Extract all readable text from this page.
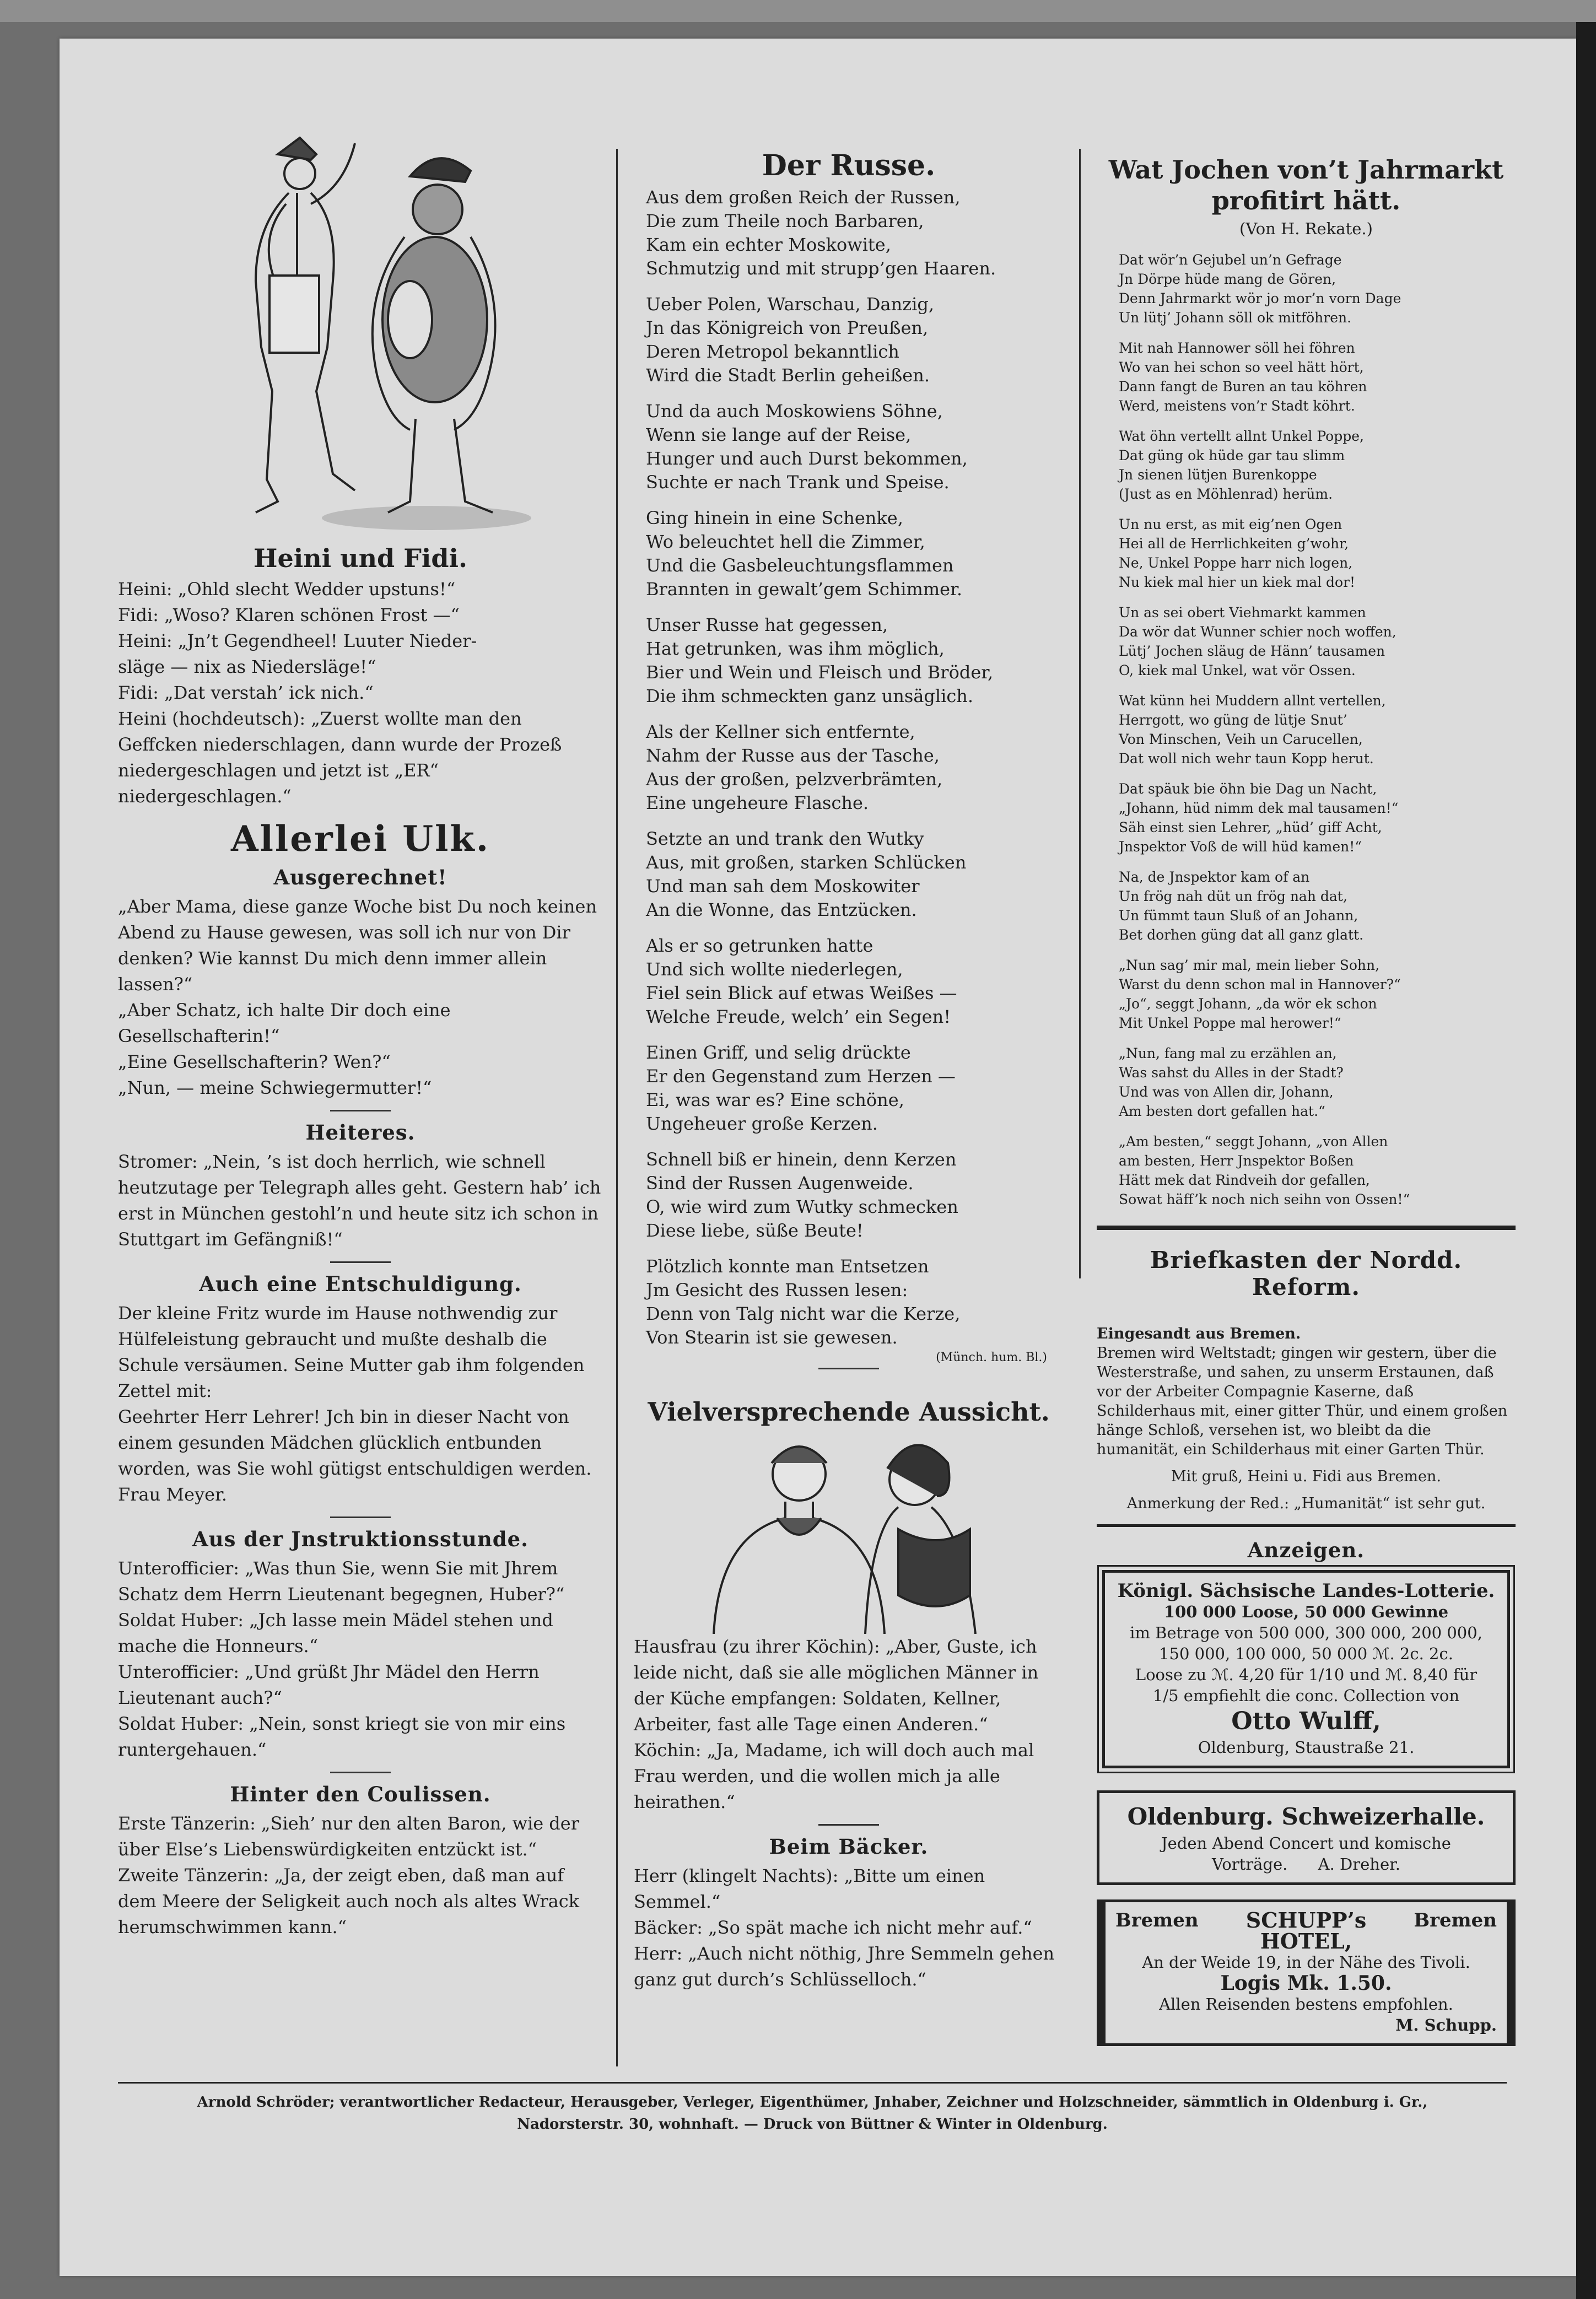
Heini und Fidi.

Heini: „Ohld slecht Wedder upstuns!“
Fidi: „Woso? Klaren schönen Frost —“
Heini: „Jn’t Gegendheel! Luuter Nieder-
släge — nix as Niedersläge!“
Fidi: „Dat verstah’ ick nich.“
Heini (hochdeutsch): „Zuerst wollte man den Geffcken niederschlagen, dann wurde der Prozeß niedergeschlagen und jetzt ist „ER“ niedergeschlagen.“

Allerlei Ulk.

Ausgerechnet!

„Aber Mama, diese ganze Woche bist Du noch keinen Abend zu Hause gewesen, was soll ich nur von Dir denken? Wie kannst Du mich denn immer allein lassen?“
„Aber Schatz, ich halte Dir doch eine Gesellschafterin!“
„Eine Gesellschafterin? Wen?“
„Nun, — meine Schwiegermutter!“

Heiteres.

Stromer: „Nein, ’s ist doch herrlich, wie schnell heutzutage per Telegraph alles geht. Gestern hab’ ich erst in München gestohl’n und heute sitz ich schon in Stuttgart im Gefängniß!“

Auch eine Entschuldigung.

Der kleine Fritz wurde im Hause nothwendig zur Hülfeleistung gebraucht und mußte deshalb die Schule versäumen. Seine Mutter gab ihm folgenden Zettel mit:
Geehrter Herr Lehrer! Jch bin in dieser Nacht von einem gesunden Mädchen glücklich entbunden worden, was Sie wohl gütigst entschuldigen werden. Frau Meyer.

Aus der Jnstruktionsstunde.

Unterofficier: „Was thun Sie, wenn Sie mit Jhrem Schatz dem Herrn Lieutenant begegnen, Huber?“
Soldat Huber: „Jch lasse mein Mädel stehen und mache die Honneurs.“
Unterofficier: „Und grüßt Jhr Mädel den Herrn Lieutenant auch?“
Soldat Huber: „Nein, sonst kriegt sie von mir eins runtergehauen.“

Hinter den Coulissen.

Erste Tänzerin: „Sieh’ nur den alten Baron, wie der über Else’s Liebenswürdigkeiten entzückt ist.“
Zweite Tänzerin: „Ja, der zeigt eben, daß man auf dem Meere der Seligkeit auch noch als altes Wrack herumschwimmen kann.“

Der Russe.

Aus dem großen Reich der Russen,
Die zum Theile noch Barbaren,
Kam ein echter Moskowite,
Schmutzig und mit strupp’gen Haaren.

Ueber Polen, Warschau, Danzig,
Jn das Königreich von Preußen,
Deren Metropol bekanntlich
Wird die Stadt Berlin geheißen.

Und da auch Moskowiens Söhne,
Wenn sie lange auf der Reise,
Hunger und auch Durst bekommen,
Suchte er nach Trank und Speise.

Ging hinein in eine Schenke,
Wo beleuchtet hell die Zimmer,
Und die Gasbeleuchtungsflammen
Brannten in gewalt’gem Schimmer.

Unser Russe hat gegessen,
Hat getrunken, was ihm möglich,
Bier und Wein und Fleisch und Bröder,
Die ihm schmeckten ganz unsäglich.

Als der Kellner sich entfernte,
Nahm der Russe aus der Tasche,
Aus der großen, pelzverbrämten,
Eine ungeheure Flasche.

Setzte an und trank den Wutky
Aus, mit großen, starken Schlücken
Und man sah dem Moskowiter
An die Wonne, das Entzücken.

Als er so getrunken hatte
Und sich wollte niederlegen,
Fiel sein Blick auf etwas Weißes —
Welche Freude, welch’ ein Segen!

Einen Griff, und selig drückte
Er den Gegenstand zum Herzen —
Ei, was war es? Eine schöne,
Ungeheuer große Kerzen.

Schnell biß er hinein, denn Kerzen
Sind der Russen Augenweide.
O, wie wird zum Wutky schmecken
Diese liebe, süße Beute!

Plötzlich konnte man Entsetzen
Jm Gesicht des Russen lesen:
Denn von Talg nicht war die Kerze,
Von Stearin ist sie gewesen.

(Münch. hum. Bl.)

Vielversprechende Aussicht.

Hausfrau (zu ihrer Köchin): „Aber, Guste, ich leide nicht, daß sie alle möglichen Männer in der Küche empfangen: Soldaten, Kellner, Arbeiter, fast alle Tage einen Anderen.“
Köchin: „Ja, Madame, ich will doch auch mal Frau werden, und die wollen mich ja alle heirathen.“

Beim Bäcker.

Herr (klingelt Nachts): „Bitte um einen Semmel.“
Bäcker: „So spät mache ich nicht mehr auf.“
Herr: „Auch nicht nöthig, Jhre Semmeln gehen ganz gut durch’s Schlüsselloch.“

Wat Jochen von’t Jahrmarkt profitirt hätt.

(Von H. Rekate.)

Dat wör’n Gejubel un’n Gefrage
Jn Dörpe hüde mang de Gören,
Denn Jahrmarkt wör jo mor’n vorn Dage
Un lütj’ Johann söll ok mitföhren.

Mit nah Hannower söll hei föhren
Wo van hei schon so veel hätt hört,
Dann fangt de Buren an tau köhren
Werd, meistens von’r Stadt köhrt.

Wat öhn vertellt allnt Unkel Poppe,
Dat güng ok hüde gar tau slimm
Jn sienen lütjen Burenkoppe
(Just as en Möhlenrad) herüm.

Un nu erst, as mit eig’nen Ogen
Hei all de Herrlichkeiten g’wohr,
Ne, Unkel Poppe harr nich logen,
Nu kiek mal hier un kiek mal dor!

Un as sei obert Viehmarkt kammen
Da wör dat Wunner schier noch woffen,
Lütj’ Jochen släug de Hänn’ tausamen
O, kiek mal Unkel, wat vör Ossen.

Wat künn hei Muddern allnt vertellen,
Herrgott, wo güng de lütje Snut’
Von Minschen, Veih un Carucellen,
Dat woll nich wehr taun Kopp herut.

Dat späuk bie öhn bie Dag un Nacht,
„Johann, hüd nimm dek mal tausamen!“
Säh einst sien Lehrer, „hüd’ giff Acht,
Jnspektor Voß de will hüd kamen!“

Na, de Jnspektor kam of an
Un frög nah düt un frög nah dat,
Un fümmt taun Sluß of an Johann,
Bet dorhen güng dat all ganz glatt.

„Nun sag’ mir mal, mein lieber Sohn,
Warst du denn schon mal in Hannover?“
„Jo“, seggt Johann, „da wör ek schon
Mit Unkel Poppe mal herower!“

„Nun, fang mal zu erzählen an,
Was sahst du Alles in der Stadt?
Und was von Allen dir, Johann,
Am besten dort gefallen hat.“

„Am besten,“ seggt Johann, „von Allen
am besten, Herr Jnspektor Boßen
Hätt mek dat Rindveih dor gefallen,
Sowat häff’k noch nich seihn von Ossen!“

Briefkasten der Nordd. Reform.

Eingesandt aus Bremen.
Bremen wird Weltstadt; gingen wir gestern, über die Westerstraße, und sahen, zu unserm Erstaunen, daß vor der Arbeiter Compagnie Kaserne, daß Schilderhaus mit, einer gitter Thür, und einem großen hänge Schloß, versehen ist, wo bleibt da die humanität, ein Schilderhaus mit einer Garten Thür.

Mit gruß, Heini u. Fidi aus Bremen.

Anmerkung der Red.: „Humanität“ ist sehr gut.

Anzeigen.

Königl. Sächsische Landes-Lotterie.

100 000 Loose, 50 000 Gewinne

im Betrage von 500 000, 300 000, 200 000,

150 000, 100 000, 50 000 ℳ. 2c. 2c.

Loose zu ℳ. 4,20 für 1/10 und ℳ. 8,40 für

1/5 empfiehlt die conc. Collection von

Otto Wulff,

Oldenburg, Staustraße 21.

Oldenburg. Schweizerhalle.

Jeden Abend Concert und komische

Vorträge. A. Dreher.

Bremen	SCHUPP’s HOTEL,
Bremen

An der Weide 19, in der Nähe des Tivoli.

Logis Mk. 1.50.

Allen Reisenden bestens empfohlen.

M. Schupp.

Arnold Schröder; verantwortlicher Redacteur, Herausgeber, Verleger, Eigenthümer, Jnhaber, Zeichner und Holzschneider, sämmtlich in Oldenburg i. Gr.,
Nadorsterstr. 30, wohnhaft. — Druck von Büttner & Winter in Oldenburg.
